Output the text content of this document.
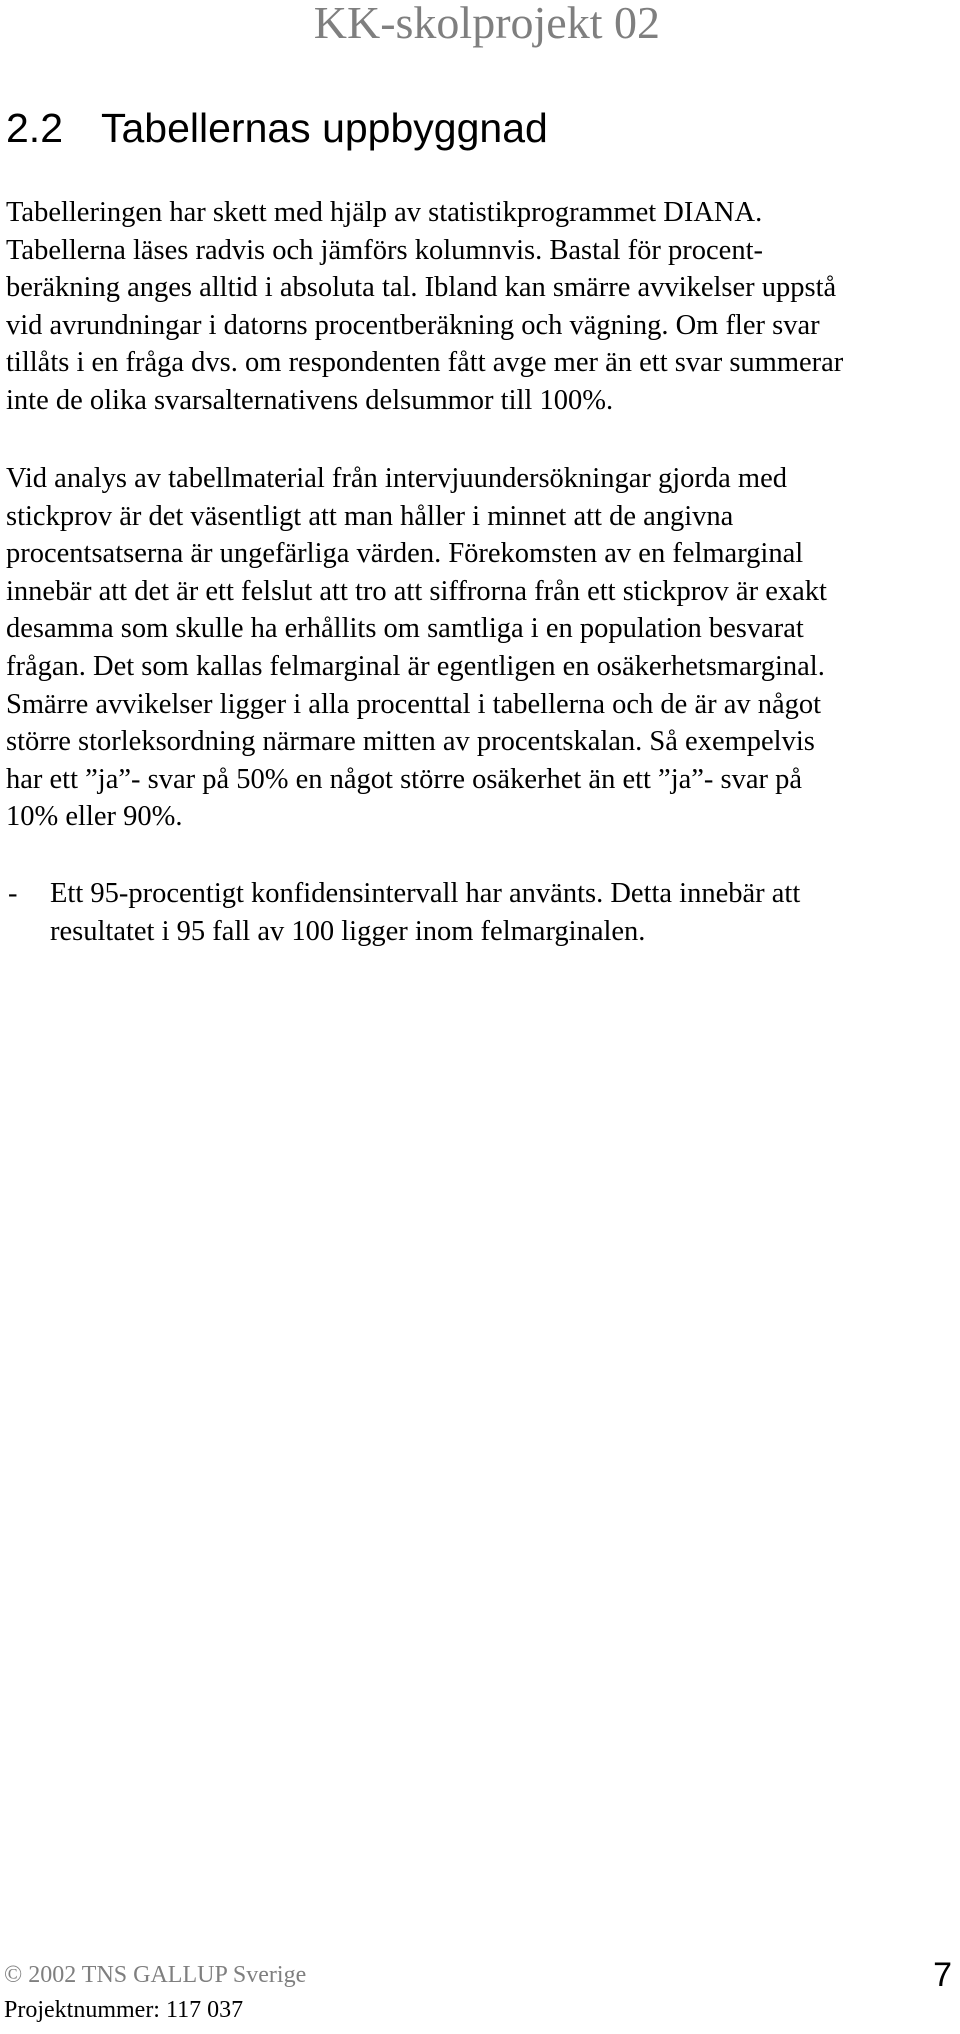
KK-skolprojekt 02
2.2 Tabellernas uppbyggnad
Tabelleringen har skett med hjälp av statistikprogrammet DIANA.
Tabellerna läses radvis och jämförs kolumnvis. Bastal för procent-
beräkning anges alltid i absoluta tal. Ibland kan smärre avvikelser uppstå
vid avrundningar i datorns procentberäkning och vägning. Om fler svar
tillåts i en fråga dvs. om respondenten fått avge mer än ett svar summerar
inte de olika svarsalternativens delsummor till 100%.
Vid analys av tabellmaterial från intervjuundersökningar gjorda med
stickprov är det väsentligt att man håller i minnet att de angivna
procentsatserna är ungefärliga värden. Förekomsten av en felmarginal
innebär att det är ett felslut att tro att siffrorna från ett stickprov är exakt
desamma som skulle ha erhållits om samtliga i en population besvarat
frågan. Det som kallas felmarginal är egentligen en osäkerhetsmarginal.
Smärre avvikelser ligger i alla procenttal i tabellerna och de är av något
större storleksordning närmare mitten av procentskalan. Så exempelvis
har ett ”ja”- svar på 50% en något större osäkerhet än ett ”ja”- svar på
10% eller 90%.
- Ett 95-procentigt konfidensintervall har använts. Detta innebär att
resultatet i 95 fall av 100 ligger inom felmarginalen.
© 2002 TNS GALLUP Sverige
Projektnummer: 117 037
7
